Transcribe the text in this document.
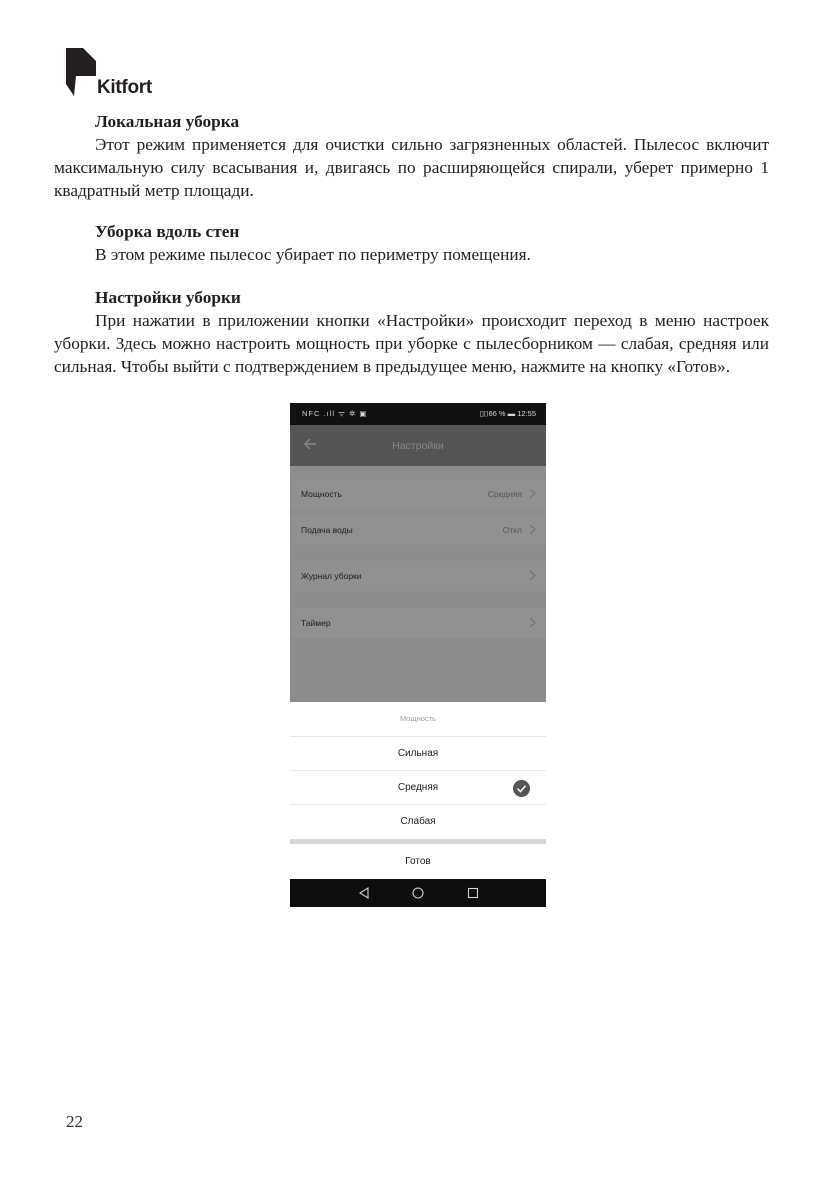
Kitfort

Локальная уборка

Этот режим применяется для очистки сильно загрязненных областей. Пылесос включит максимальную силу всасывания и, двигаясь по расширяющейся спирали, уберет примерно 1 квадратный метр площади.

Уборка вдоль стен

В этом режиме пылесос убирает по периметру помещения.

Настройки уборки

При нажатии в приложении кнопки «Настройки» происходит переход в меню настроек уборки. Здесь можно настроить мощность при уборке с пылесборником — слабая, средняя или сильная. Чтобы выйти с подтверждением в предыдущее меню, нажмите на кнопку «Готов».

NFC .ıll ᯤ ✲ ▣	▯⌷66 % ▬ 12:55
Настройки
Мощность	Средняя
Подача воды	Откл
Журнал уборки
Таймер
Мощность
Сильная
Средняя
Слабая
Готов
22
